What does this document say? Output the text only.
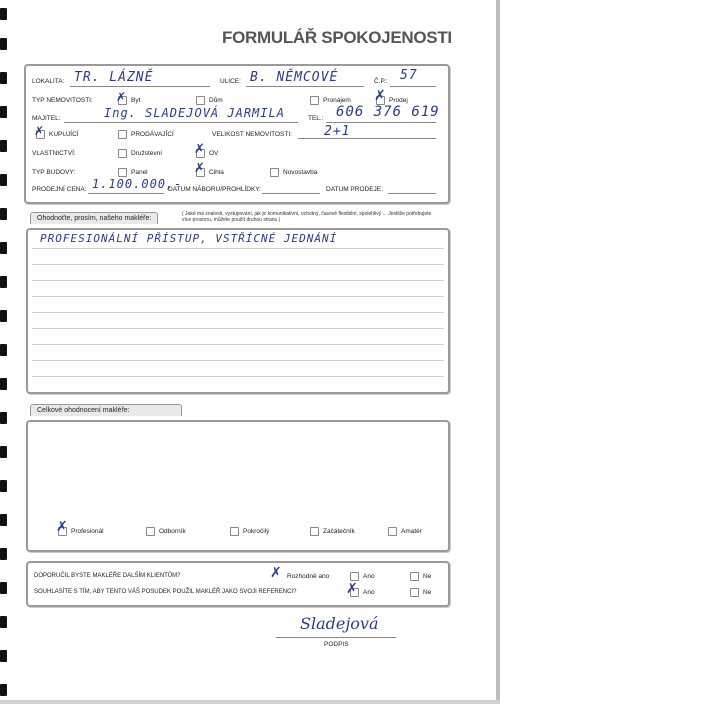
FORMULÁŘ SPOKOJENOSTI
LOKALITA: TR. LÁZNĚ	ULICE: B. NĚMCOVÉ	Č.P.: 57
TYP NEMOVITOSTI: ✗ Byt	Dům	Pronájem ✗ Prodej
MAJITEL:	Ing. SLADEJOVÁ JARMILA	TEL.: 606 376 619
✗ KUPUJÍCÍ	PRODÁVAJÍCÍ	VELIKOST NEMOVITOSTI: 2+1
VLASTNICTVÍ:	Družstevní ✗ OV
TYP BUDOVY:	Panel	✗ Cihla	Novostavba
PRODEJNÍ CENA: 1.100.000,-
DATUM NÁBORU/PROHLÍDKY:	DATUM PRODEJE:
Ohodnoťte, prosím, našeho makléře:
( Jaké má znalosti, vystupování, jak je komunikativní, ochotný, časově flexibilní, spolehlivý ... Jestliže potřebujete více prostoru, můžete použít druhou stranu.)
PROFESIONÁLNÍ PŘÍSTUP, VSTŘÍCNÉ JEDNÁNÍ
Celkové ohodnocení makléře:
✗ Profesionál	Odborník	Pokročilý	Začátečník	Amatér
DOPORUČIL BYSTE MAKLÉŘE DALŠÍM KLIENTŮM?	✗ Rozhodně ano	Ano	Ne
SOUHLASÍTE S TÍM, ABY TENTO VÁŠ POSUDEK POUŽIL MAKLÉŘ JAKO SVOJI REFERENCI?	✗ Ano	Ne
Sladejová
PODPIS
